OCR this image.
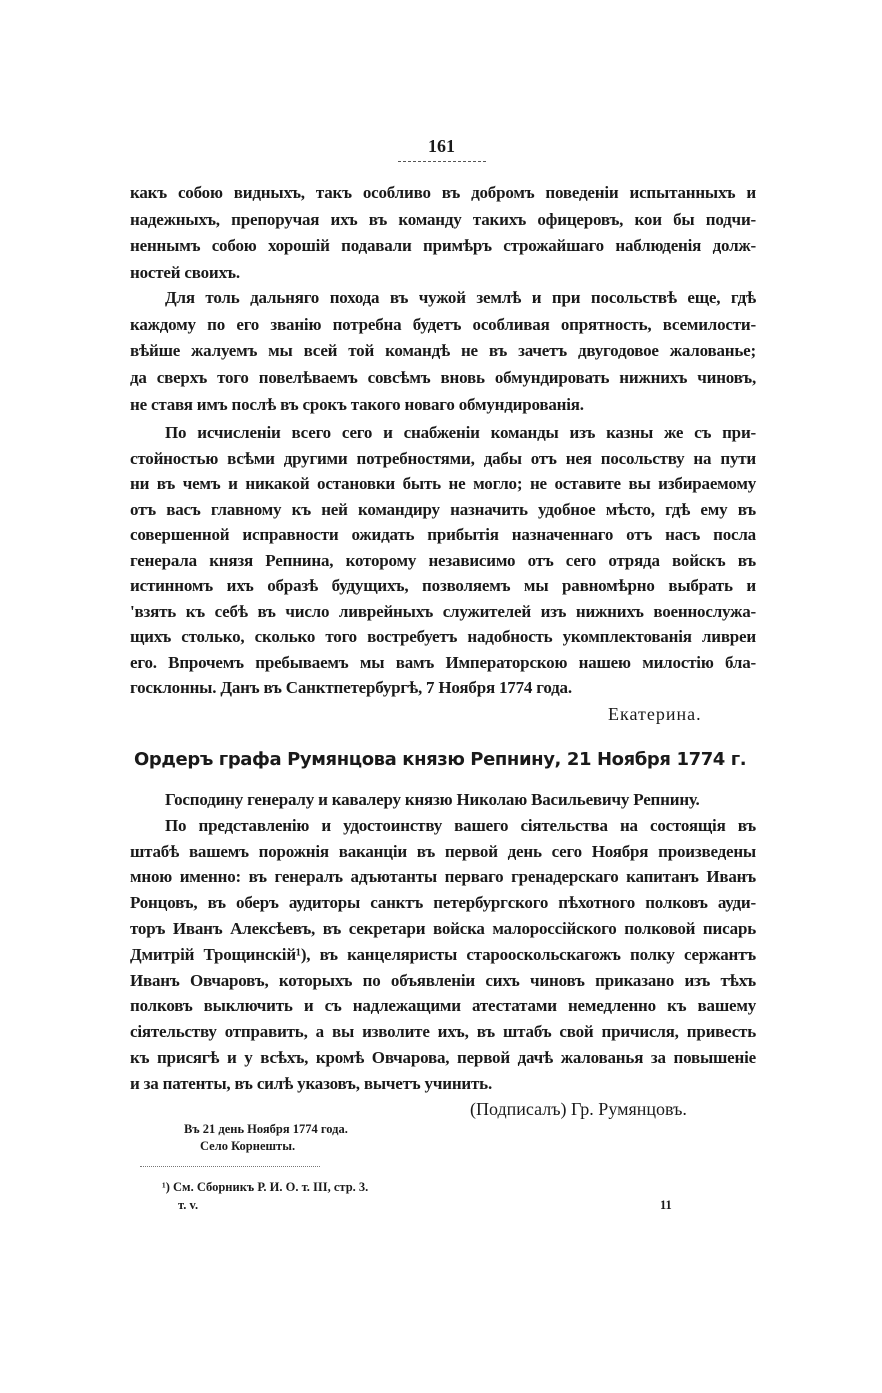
161
какъ собою видныхъ, такъ особливо въ добромъ поведеніи испытанныхъ и
надежныхъ, препоручая ихъ въ команду такихъ офицеровъ, кои бы подчи-
неннымъ собою хорошій подавали примѣръ строжайшаго наблюденія долж-
ностей своихъ.
Для толь дальняго похода въ чужой землѣ и при посольствѣ еще, гдѣ
каждому по его званію потребна будетъ особливая опрятность, всемилости-
вѣйше жалуемъ мы всей той командѣ не въ зачетъ двугодовое жалованье;
да сверхъ того повелѣваемъ совсѣмъ вновь обмундировать нижнихъ чиновъ,
не ставя имъ послѣ въ срокъ такого новаго обмундированія.
По исчисленіи всего сего и снабженіи команды изъ казны же съ при-
стойностью всѣми другими потребностями, дабы отъ нея посольству на пути
ни въ чемъ и никакой остановки быть не могло; не оставите вы избираемому
отъ васъ главному къ ней командиру назначить удобное мѣсто, гдѣ ему въ
совершенной исправности ожидать прибытія назначеннаго отъ насъ посла
генерала князя Репнина, которому независимо отъ сего отряда войскъ въ
истинномъ ихъ образѣ будущихъ, позволяемъ мы равномѣрно выбрать и
'взять къ себѣ въ число ливрейныхъ служителей изъ нижнихъ военнослужа-
щихъ столько, сколько того востребуетъ надобность укомплектованія ливреи
его. Впрочемъ пребываемъ мы вамъ Императорскою нашею милостію бла-
госклонны. Данъ въ Санктпетербургѣ, 7 Ноября 1774 года.
Господину генералу и кавалеру князю Николаю Васильевичу Репнину.
По представленію и удостоинству вашего сіятельства на состоящія въ
штабѣ вашемъ порожнія ваканціи въ первой день сего Ноября произведены
мною именно: въ генералъ адъютанты перваго гренадерскаго капитанъ Иванъ
Ронцовъ, въ оберъ аудиторы санктъ петербургского пѣхотного полковъ ауди-
торъ Иванъ Алексѣевъ, въ секретари войска малороссійского полковой писарь
Дмитрій Трощинскій¹), въ канцеляристы старооскольскагожъ полку сержантъ
Иванъ Овчаровъ, которыхъ по объявленіи сихъ чиновъ приказано изъ тѣхъ
полковъ выключить и съ надлежащими атестатами немедленно къ вашему
сіятельству отправить, а вы изволите ихъ, въ штабъ свой причисля, привесть
къ присягѣ и у всѣхъ, кромѣ Овчарова, первой дачѣ жалованья за повышеніе
и за патенты, въ силѣ указовъ, вычетъ учинить.
Екатерина.
Ордеръ графа Румянцова князю Репнину, 21 Ноября 1774 г.
(Подписалъ) Гр. Румянцовъ.
Въ 21 день Ноября 1774 года.
Село Корнешты.
¹) См. Сборникъ Р. И. О. т. III, стр. 3.
т. v.	11
